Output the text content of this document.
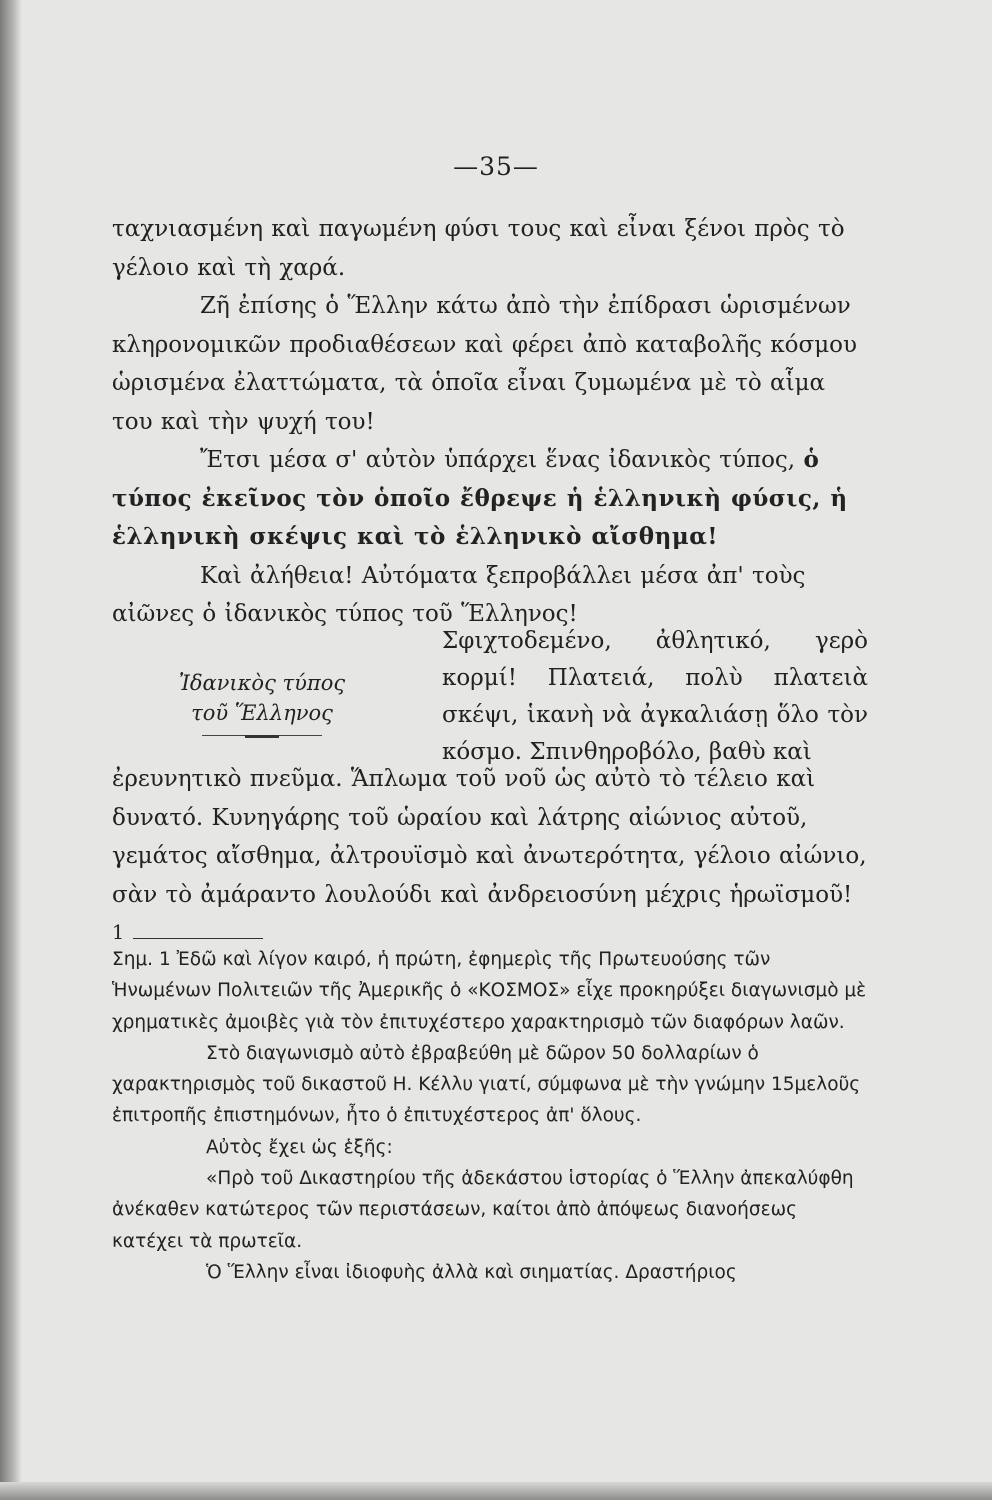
—35—

ταχνιασμένη καὶ παγωμένη φύσι τους καὶ εἶναι ξένοι πρὸς τὸ γέλοιο καὶ τὴ χαρά.

Ζῆ ἐπίσης ὁ Ἕλλην κάτω ἀπὸ τὴν ἐπίδρασι ὡρισμένων κληρονομικῶν προδιαθέσεων καὶ φέρει ἀπὸ καταβολῆς κόσμου ὡρισμένα ἐλαττώματα, τὰ ὁποῖα εἶναι ζυμωμένα μὲ τὸ αἷμα του καὶ τὴν ψυχή του!

Ἔτσι μέσα σ' αὐτὸν ὑπάρχει ἕνας ἰδανικὸς τύπος, ὁ τύπος ἐκεῖνος τὸν ὁποῖο ἔθρεψε ἡ ἑλληνικὴ φύσις, ἡ ἑλληνικὴ σκέψις καὶ τὸ ἑλληνικὸ αἴσθημα!

Καὶ ἀλήθεια! Αὐτόματα ξεπροβάλλει μέσα ἀπ' τοὺς αἰῶνες ὁ ἰδανικὸς τύπος τοῦ Ἕλληνος!

Ἰδανικὸς τύπος
τοῦ Ἕλληνος
Σφιχτοδεμένο, ἀθλητικό, γερὸ κορμί! Πλατειά, πολὺ πλατειὰ σκέψι, ἱκανὴ νὰ ἀγκαλιάσῃ ὅλο τὸν κόσμο. Σπινθηροβόλο, βαθὺ καὶ

ἐρευνητικὸ πνεῦμα. Ἅπλωμα τοῦ νοῦ ὡς αὐτὸ τὸ τέλειο καὶ δυνατό. Κυνηγάρης τοῦ ὡραίου καὶ λάτρης αἰώνιος αὐτοῦ, γεμάτος αἴσθημα, ἀλτρουϊσμὸ καὶ ἀνωτερότητα, γέλοιο αἰώνιο, σὰν τὸ ἀμάραντο λουλούδι καὶ ἀνδρειοσύνη μέχρις ἡρωϊσμοῦ! $^1$

Σημ. 1 Ἐδῶ καὶ λίγον καιρό, ἡ πρώτη, ἐφημερὶς τῆς Πρωτευούσης τῶν Ἡνωμένων Πολιτειῶν τῆς Ἀμερικῆς ὁ «ΚΟΣΜΟΣ» εἶχε προκηρύξει διαγωνισμὸ μὲ χρηματικὲς ἀμοιβὲς γιὰ τὸν ἐπιτυχέστερο χαρακτηρισμὸ τῶν διαφόρων λαῶν.

Στὸ διαγωνισμὸ αὐτὸ ἐβραβεύθη μὲ δῶρον 50 δολλαρίων ὁ χαρακτηρισμὸς τοῦ δικαστοῦ Η. Κέλλυ γιατί, σύμφωνα μὲ τὴν γνώμην 15μελοῦς ἐπιτροπῆς ἐπιστημόνων, ἦτο ὁ ἐπιτυχέστερος ἀπ' ὅλους.

Αὐτὸς ἔχει ὡς ἑξῆς:

«Πρὸ τοῦ Δικαστηρίου τῆς ἀδεκάστου ἱστορίας ὁ Ἕλλην ἀπεκαλύφθη ἀνέκαθεν κατώτερος τῶν περιστάσεων, καίτοι ἀπὸ ἀπόψεως διανοήσεως κατέχει τὰ πρωτεῖα.

Ὁ Ἕλλην εἶναι ἰδιοφυὴς ἀλλὰ καὶ σιηματίας. Δραστήριος
